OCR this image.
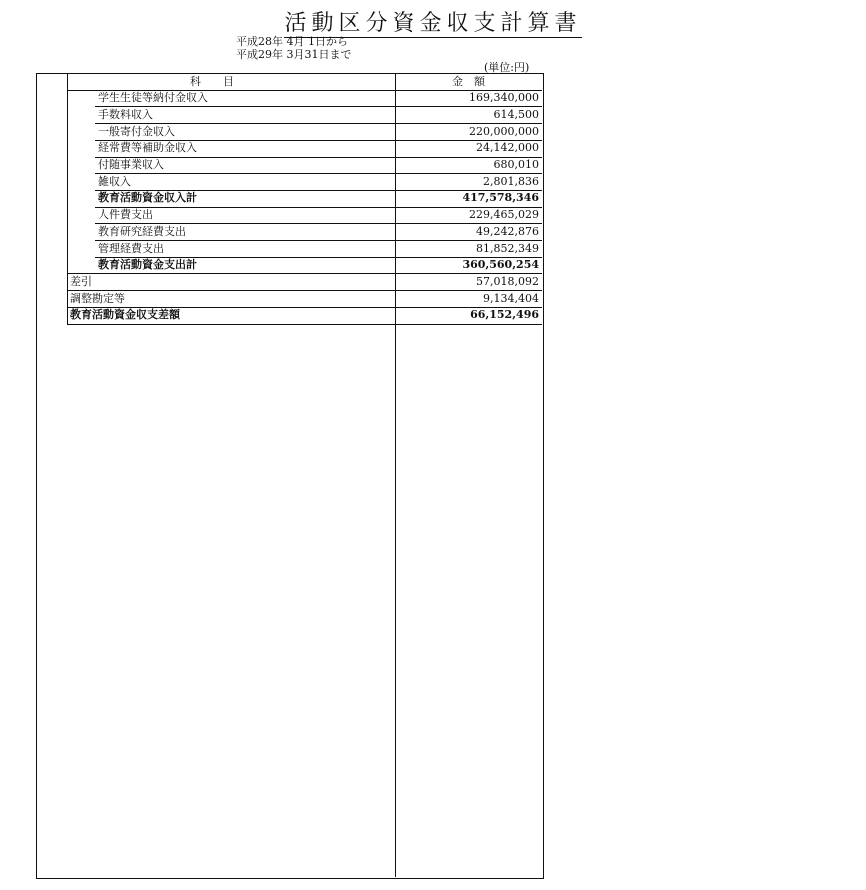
活動区分資金収支計算書
平成28年 4月 1日から
平成29年 3月31日まで
(単位:円)
科　　目	金　額
学生生徒等納付金収入	169,340,000
手数料収入	614,500
一般寄付金収入	220,000,000
経常費等補助金収入	24,142,000
付随事業収入	680,010
雑収入	2,801,836
教育活動資金収入計	417,578,346
人件費支出	229,465,029
教育研究経費支出	49,242,876
管理経費支出	81,852,349
教育活動資金支出計	360,560,254
差引	57,018,092
調整勘定等	9,134,404
教育活動資金収支差額	66,152,496
